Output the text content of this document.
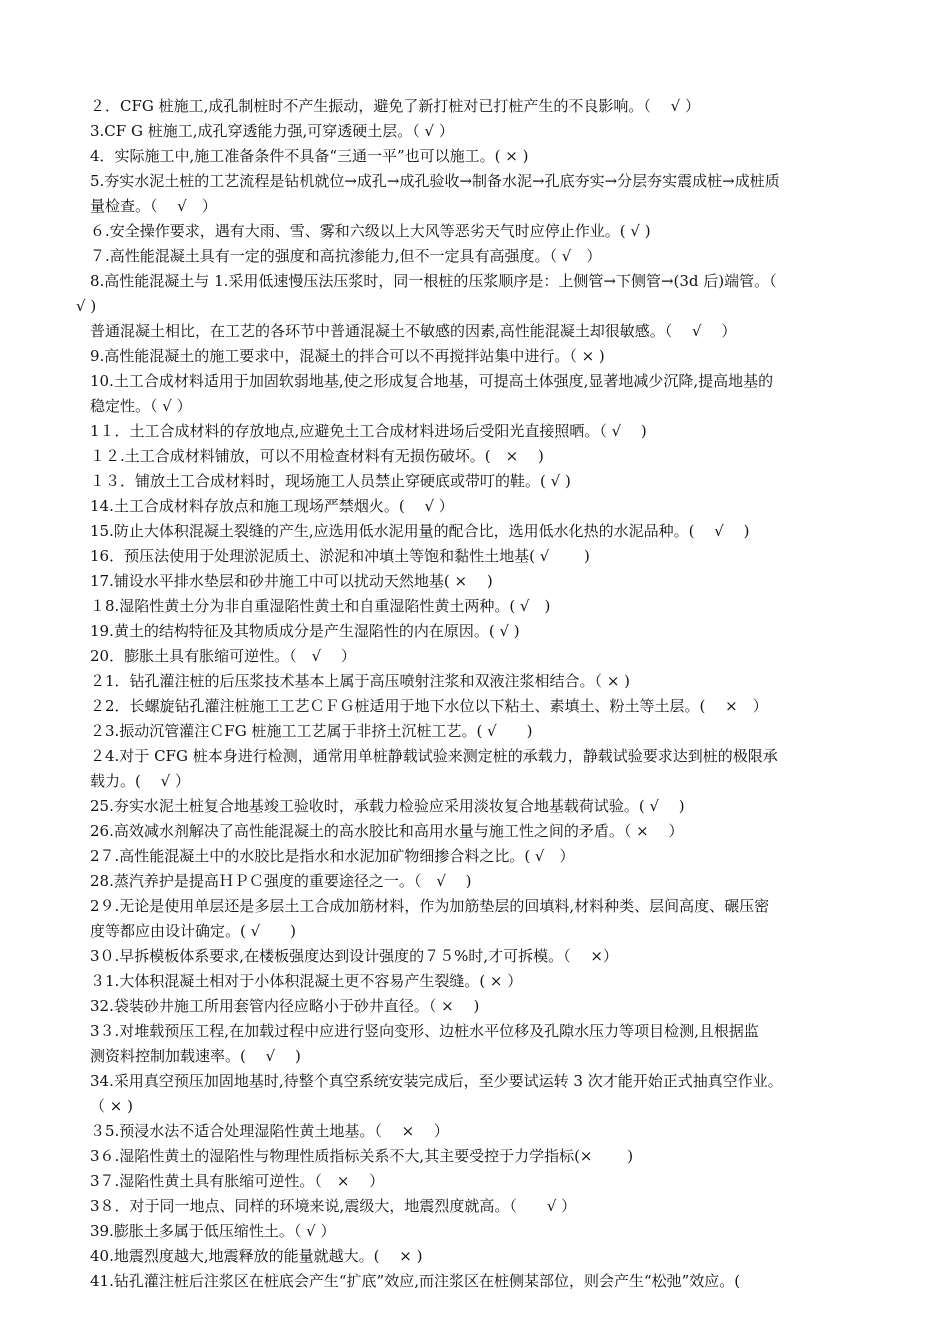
２．CFG 桩施工,成孔制桩时不产生振动，避免了新打桩对已打桩产生的不良影响。（　 √ ）
3.CF G 桩施工,成孔穿透能力强,可穿透硬土层。（ √ ）
4．实际施工中,施工准备条件不具备“三通一平”也可以施工。( × )
5.夯实水泥土桩的工艺流程是钻机就位→成孔→成孔验收→制备水泥→孔底夯实→分层夯实震成桩→成桩质
量检查。（　 √　）
６.安全操作要求，遇有大雨、雪、雾和六级以上大风等恶劣天气时应停止作业。( √ )
７.高性能混凝土具有一定的强度和高抗渗能力,但不一定具有高强度。（ √　）
8.高性能混凝土与 1.采用低速慢压法压浆时，同一根桩的压浆顺序是：上侧管→下侧管→(3d 后)端管。（
√ )
普通混凝土相比，在工艺的各环节中普通混凝土不敏感的因素,高性能混凝土却很敏感。（　 √　 ）
9.高性能混凝土的施工要求中，混凝土的拌合可以不再搅拌站集中进行。（ × )
10.土工合成材料适用于加固软弱地基,使之形成复合地基，可提高土体强度,显著地减少沉降,提高地基的
稳定性。（ √ ）
1１．土工合成材料的存放地点,应避免土工合成材料进场后受阳光直接照晒。（ √　 )
１２.土工合成材料铺放，可以不用检查材料有无损伤破坏。(　× 　)
１３．铺放土工合成材料时，现场施工人员禁止穿硬底或带叮的鞋。( √ )
14.土工合成材料存放点和施工现场严禁烟火。(　 √ ）
15.防止大体积混凝土裂缝的产生,应选用低水泥用量的配合比，选用低水化热的水泥品种。(　 √　 )
16．预压法使用于处理淤泥质土、淤泥和冲填土等饱和黏性土地基( √　　 )
17.铺设水平排水垫层和砂井施工中可以扰动天然地基( × 　)
１8.湿陷性黄土分为非自重湿陷性黄土和自重湿陷性黄土两种。( √　)
19.黄土的结构特征及其物质成分是产生湿陷性的内在原因。( √ )
20．膨胀土具有胀缩可逆性。（　√ 　）
２1．钻孔灌注桩的后压浆技术基本上属于高压喷射注浆和双液注浆相结合。（ × )
２2．长螺旋钻孔灌注桩施工工艺ＣＦＧ桩适用于地下水位以下粘土、素填土、粉土等土层。(　 ×　）
２3.振动沉管灌注ＣFG 桩施工工艺属于非挤土沉桩工艺。( √　　)
２4.对于 CFG 桩本身进行检测，通常用单桩静载试验来测定桩的承载力，静载试验要求达到桩的极限承
载力。(　 √ ）
25.夯实水泥土桩复合地基竣工验收时，承载力检验应采用淡妆复合地基载荷试验。( √　 )
26.高效减水剂解决了高性能混凝土的高水胶比和高用水量与施工性之间的矛盾。（ ×　 ）
2７.高性能混凝土中的水胶比是指水和水泥加矿物细掺合料之比。( √　）
28.蒸汽养护是提高ＨＰＣ强度的重要途径之一。（　√　 )
2９.无论是使用单层还是多层土工合成加筋材料，作为加筋垫层的回填料,材料种类、层间高度、碾压密
度等都应由设计确定。( √　　)
3０.早拆模板体系要求,在楼板强度达到设计强度的７５%时,才可拆模。（　 ×）
３1.大体积混凝土相对于小体积混凝土更不容易产生裂缝。( × ）
32.袋装砂井施工所用套管内径应略小于砂井直径。（ ×　 )
3３.对堆载预压工程,在加载过程中应进行竖向变形、边桩水平位移及孔隙水压力等项目检测,且根据监
测资料控制加载速率。(　 √　 )
34.采用真空预压加固地基时,待整个真空系统安装完成后，至少要试运转 3 次才能开始正式抽真空作业。
（ × )
３5.预浸水法不适合处理湿陷性黄土地基。（　 ×　 ）
3６.湿陷性黄土的湿陷性与物理性质指标关系不大,其主要受控于力学指标(×　　 )
3７.湿陷性黄土具有胀缩可逆性。（　×　 ）
3８．对于同一地点、同样的环境来说,震级大，地震烈度就高。（　　√ ）
39.膨胀土多属于低压缩性土。（ √ ）
40.地震烈度越大,地震释放的能量就越大。(　 × )
41.钻孔灌注桩后注浆区在桩底会产生“扩底”效应,而注浆区在桩侧某部位，则会产生“松弛”效应。(
